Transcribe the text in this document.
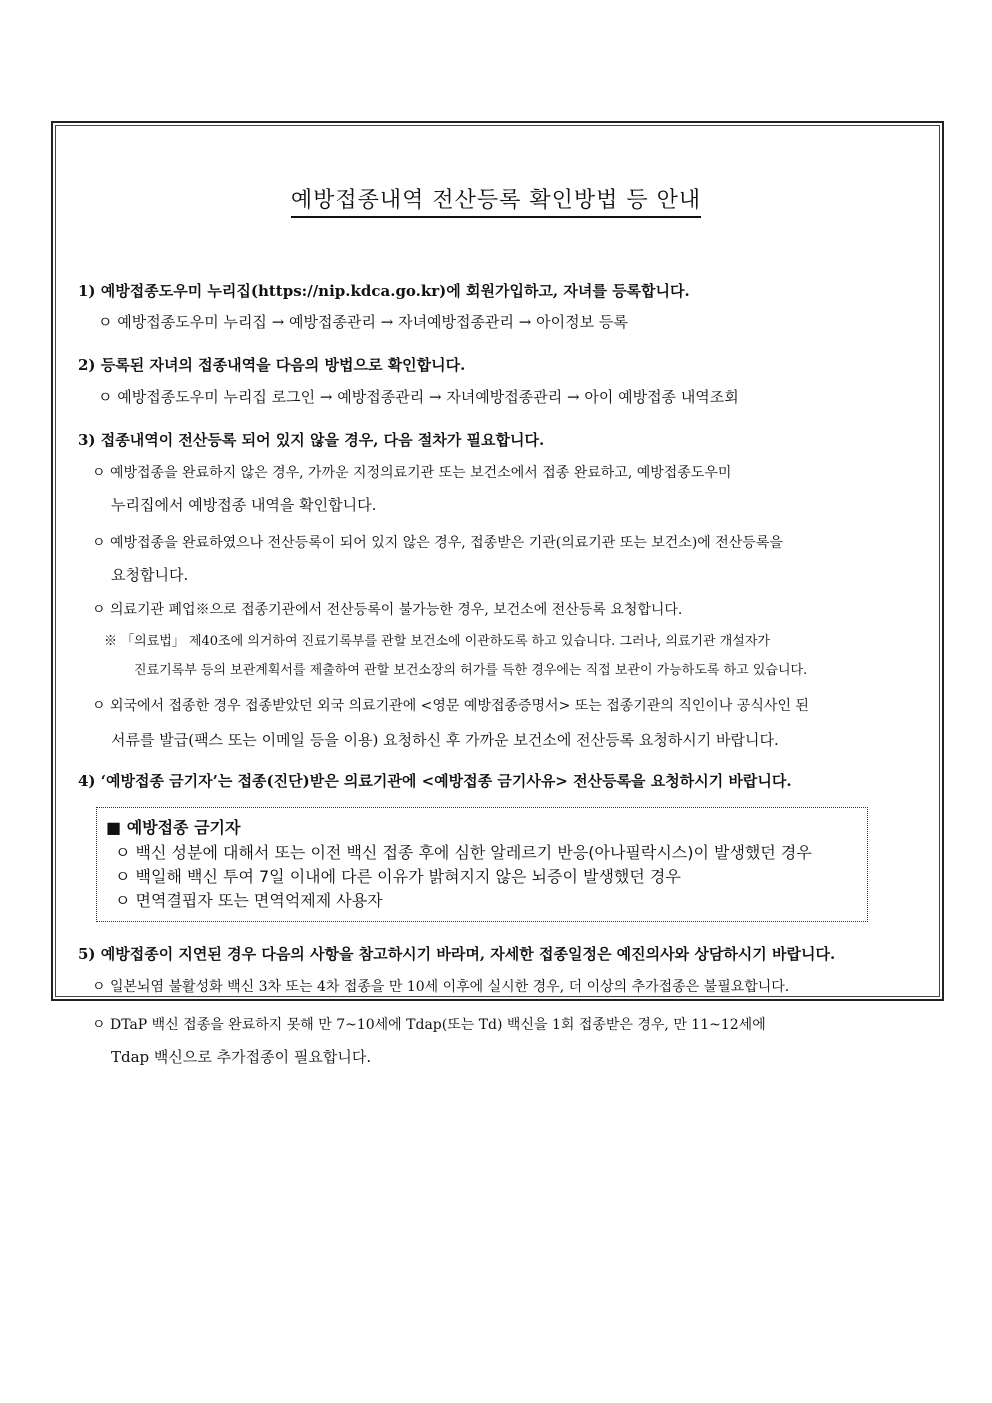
예방접종내역 전산등록 확인방법 등 안내
1) 예방접종도우미 누리집(https://nip.kdca.go.kr)에 회원가입하고, 자녀를 등록합니다.
ㅇ 예방접종도우미 누리집 → 예방접종관리 → 자녀예방접종관리 → 아이정보 등록
2) 등록된 자녀의 접종내역을 다음의 방법으로 확인합니다.
ㅇ 예방접종도우미 누리집 로그인 → 예방접종관리 → 자녀예방접종관리 → 아이 예방접종 내역조회
3) 접종내역이 전산등록 되어 있지 않을 경우, 다음 절차가 필요합니다.
ㅇ 예방접종을 완료하지 않은 경우, 가까운 지정의료기관 또는 보건소에서 접종 완료하고, 예방접종도우미
누리집에서 예방접종 내역을 확인합니다.
ㅇ 예방접종을 완료하였으나 전산등록이 되어 있지 않은 경우, 접종받은 기관(의료기관 또는 보건소)에 전산등록을
요청합니다.
ㅇ 의료기관 폐업※으로 접종기관에서 전산등록이 불가능한 경우, 보건소에 전산등록 요청합니다.
※ 「의료법」 제40조에 의거하여 진료기록부를 관할 보건소에 이관하도록 하고 있습니다. 그러나, 의료기관 개설자가
진료기록부 등의 보관계획서를 제출하여 관할 보건소장의 허가를 득한 경우에는 직접 보관이 가능하도록 하고 있습니다.
ㅇ 외국에서 접종한 경우 접종받았던 외국 의료기관에 <영문 예방접종증명서> 또는 접종기관의 직인이나 공식사인 된
서류를 발급(팩스 또는 이메일 등을 이용) 요청하신 후 가까운 보건소에 전산등록 요청하시기 바랍니다.
4) ‘예방접종 금기자’는 접종(진단)받은 의료기관에 <예방접종 금기사유> 전산등록을 요청하시기 바랍니다.
■ 예방접종 금기자
ㅇ 백신 성분에 대해서 또는 이전 백신 접종 후에 심한 알레르기 반응(아나필락시스)이 발생했던 경우
ㅇ 백일해 백신 투여 7일 이내에 다른 이유가 밝혀지지 않은 뇌증이 발생했던 경우
ㅇ 면역결핍자 또는 면역억제제 사용자
5) 예방접종이 지연된 경우 다음의 사항을 참고하시기 바라며, 자세한 접종일정은 예진의사와 상담하시기 바랍니다.
ㅇ 일본뇌염 불활성화 백신 3차 또는 4차 접종을 만 10세 이후에 실시한 경우, 더 이상의 추가접종은 불필요합니다.
ㅇ DTaP 백신 접종을 완료하지 못해 만 7~10세에 Tdap(또는 Td) 백신을 1회 접종받은 경우, 만 11~12세에
Tdap 백신으로 추가접종이 필요합니다.
